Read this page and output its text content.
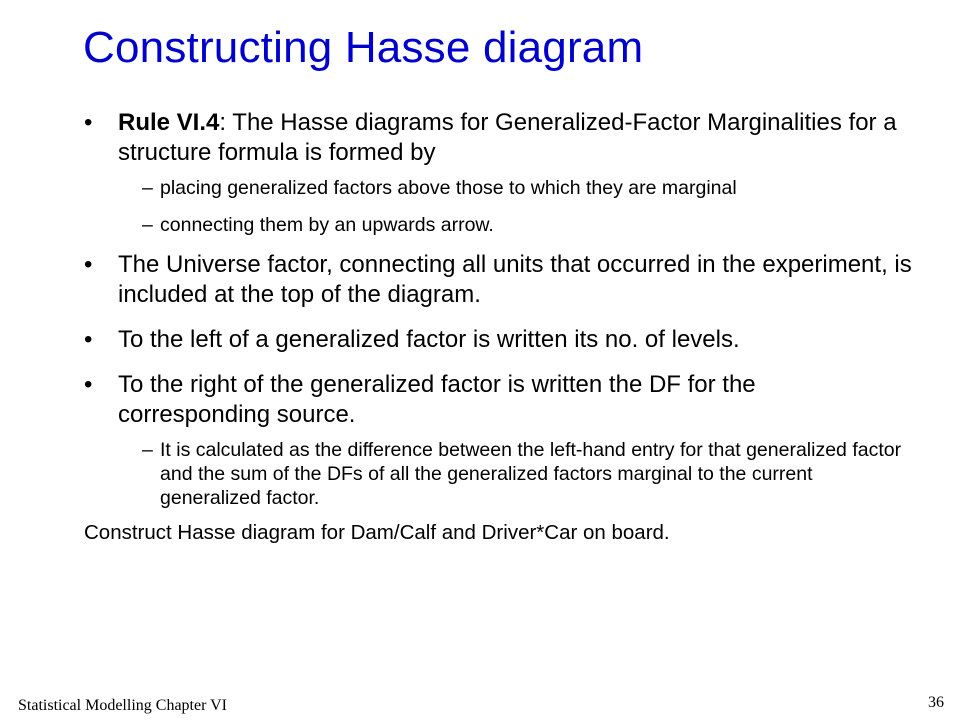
Constructing Hasse diagram
• Rule VI.4: The Hasse diagrams for Generalized-Factor Marginalities for a structure formula is formed by
– placing generalized factors above those to which they are marginal
– connecting them by an upwards arrow.
• The Universe factor, connecting all units that occurred in the experiment, is included at the top of the diagram.
• To the left of a generalized factor is written its no. of levels.
• To the right of the generalized factor is written the DF for the corresponding source.
– It is calculated as the difference between the left-hand entry for that generalized factor and the sum of the DFs of all the generalized factors marginal to the current generalized factor.
Construct Hasse diagram for Dam/Calf and Driver*Car on board.
Statistical Modelling Chapter VI	36
